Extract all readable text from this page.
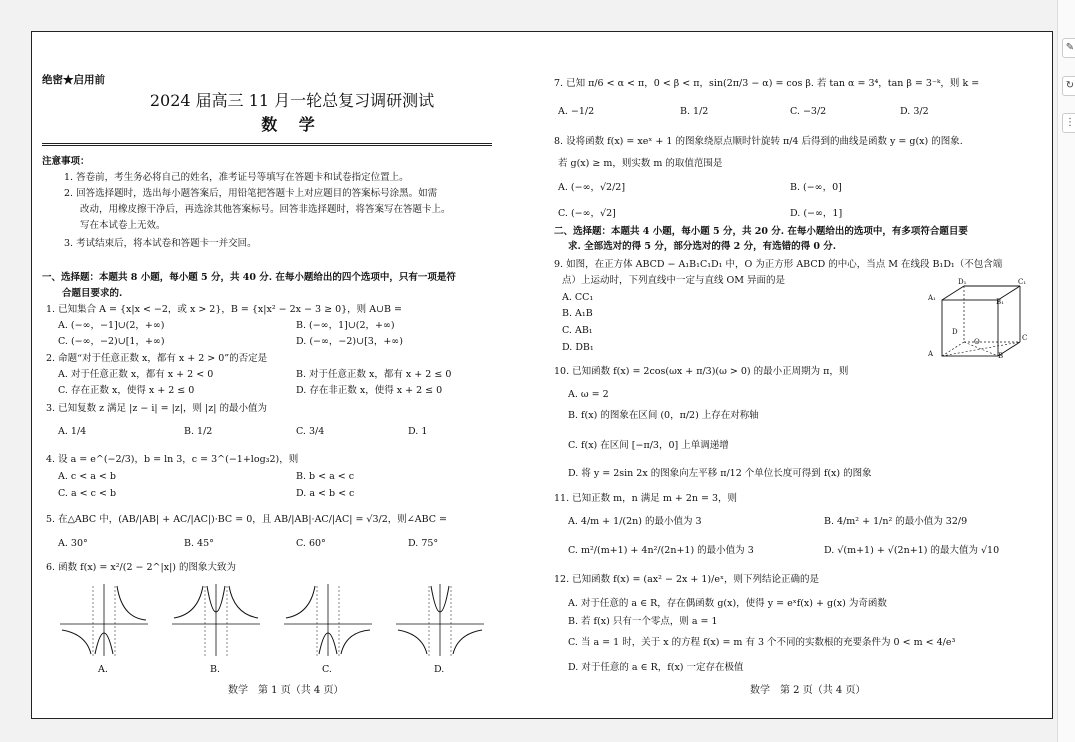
绝密★启用前
2024 届高三 11 月一轮总复习调研测试
数 学
注意事项：
1. 答卷前，考生务必将自己的姓名，准考证号等填写在答题卡和试卷指定位置上。
2. 回答选择题时，选出每小题答案后，用铅笔把答题卡上对应题目的答案标号涂黑。如需
改动，用橡皮擦干净后，再选涂其他答案标号。回答非选择题时，将答案写在答题卡上。
写在本试卷上无效。
3. 考试结束后，将本试卷和答题卡一并交回。
一、选择题：本题共 8 小题，每小题 5 分，共 40 分. 在每小题给出的四个选项中，只有一项是符
合题目要求的.
1. 已知集合 A = {x|x < −2，或 x > 2}，B = {x|x² − 2x − 3 ≥ 0}，则 A∪B =
A. (−∞，−1]∪(2，+∞)	B. (−∞，1]∪(2，+∞)
C. (−∞，−2)∪[1，+∞)	D. (−∞，−2)∪[3，+∞)
2. 命题“对于任意正数 x，都有 x + 2 > 0”的否定是
A. 对于任意正数 x，都有 x + 2 < 0	B. 对于任意正数 x，都有 x + 2 ≤ 0
C. 存在正数 x，使得 x + 2 ≤ 0	D. 存在非正数 x，使得 x + 2 ≤ 0
3. 已知复数 z 满足 |z − i| = |z|，则 |z| 的最小值为
A. 1/4	B. 1/2	C. 3/4	D. 1
4. 设 a = e^(−2/3)，b = ln 3，c = 3^(−1+log₃2)，则
A. c < a < b	B. b < a < c
C. a < c < b	D. a < b < c
5. 在△ABC 中，(AB/|AB| + AC/|AC|)·BC = 0，且 AB/|AB|·AC/|AC| = √3/2，则∠ABC =
A. 30°	B. 45°	C. 60°	D. 75°
6. 函数 f(x) = x²/(2 − 2^|x|) 的图象大致为
A.	B.	C.	D.
数学　第 1 页（共 4 页）
7. 已知 π/6 < α < π，0 < β < π，sin(2π/3 − α) = cos β. 若 tan α = 3⁴，tan β = 3⁻ᵏ，则 k =
A. −1/2	B. 1/2	C. −3/2	D. 3/2
8. 设将函数 f(x) = xeˣ + 1 的图象绕原点顺时针旋转 π/4 后得到的曲线是函数 y = g(x) 的图象.
若 g(x) ≥ m，则实数 m 的取值范围是
A. (−∞，√2/2]	B. (−∞，0]
C. (−∞，√2]	D. (−∞，1]
二、选择题：本题共 4 小题，每小题 5 分，共 20 分. 在每小题给出的选项中，有多项符合题目要
求. 全部选对的得 5 分，部分选对的得 2 分，有选错的得 0 分.
9. 如图，在正方体 ABCD − A₁B₁C₁D₁ 中，O 为正方形 ABCD 的中心，当点 M 在线段 B₁D₁（不包含端
点）上运动时，下列直线中一定与直线 OM 异面的是
A. CC₁
B. A₁B
C. AB₁
D. DB₁
D₁	C₁
A₁	B₁
D
C
A	B
O
10. 已知函数 f(x) = 2cos(ωx + π/3)(ω > 0) 的最小正周期为 π，则
A. ω = 2
B. f(x) 的图象在区间 (0，π/2) 上存在对称轴
C. f(x) 在区间 [−π/3，0] 上单调递增
D. 将 y = 2sin 2x 的图象向左平移 π/12 个单位长度可得到 f(x) 的图象
11. 已知正数 m，n 满足 m + 2n = 3，则
A. 4/m + 1/(2n) 的最小值为 3	B. 4/m² + 1/n² 的最小值为 32/9
C. m²/(m+1) + 4n²/(2n+1) 的最小值为 3	D. √(m+1) + √(2n+1) 的最大值为 √10
12. 已知函数 f(x) = (ax² − 2x + 1)/eˣ，则下列结论正确的是
A. 对于任意的 a ∈ R，存在偶函数 g(x)，使得 y = eˣf(x) + g(x) 为奇函数
B. 若 f(x) 只有一个零点，则 a = 1
C. 当 a = 1 时，关于 x 的方程 f(x) = m 有 3 个不同的实数根的充要条件为 0 < m < 4/e³
D. 对于任意的 a ∈ R，f(x) 一定存在极值
数学　第 2 页（共 4 页）
✎
↻
⋮
